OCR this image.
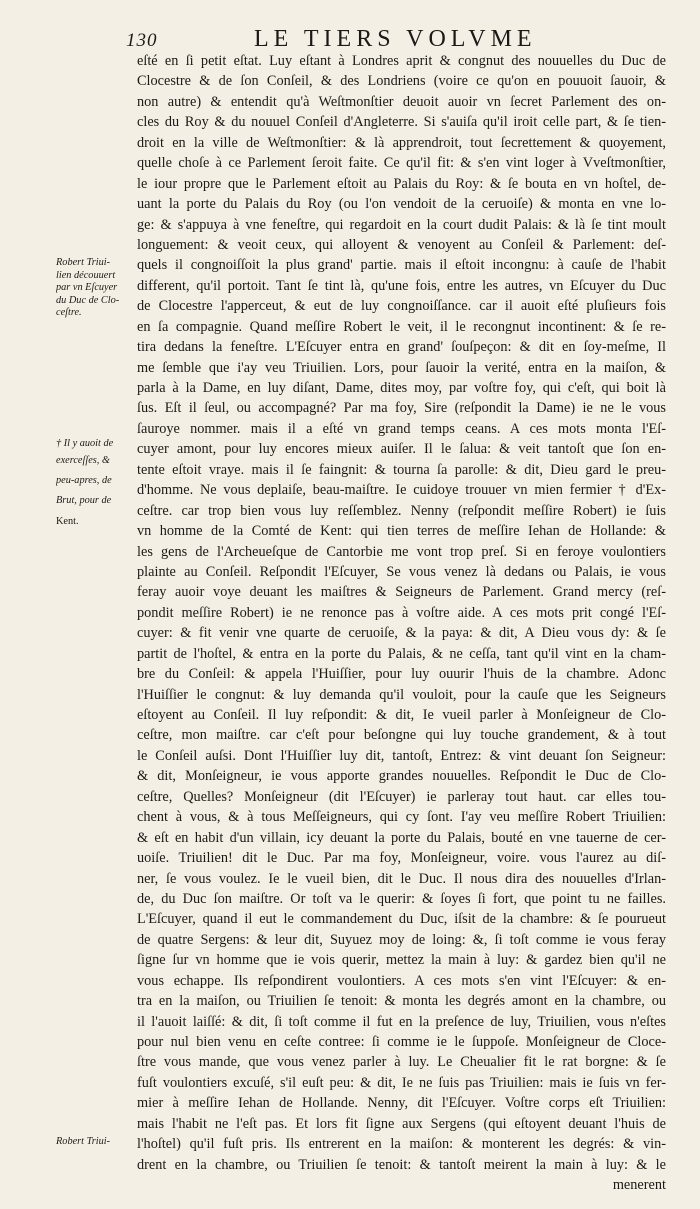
130	LE TIERS VOLVME
eſté en ſi petit eſtat. Luy eſtant à Londres aprit & congnut des nouuelles du Duc de
Clocestre & de ſon Conſeil, & des Londriens (voire ce qu'on en pouuoit ſauoir, &
non autre) & entendit qu'à Weſtmonſtier deuoit auoir vn ſecret Parlement des on-
cles du Roy & du nouuel Conſeil d'Angleterre. Si s'auiſa qu'il iroit celle part, & ſe tien-
droit en la ville de Weſtmonſtier: & là apprendroit, tout ſecrettement & quoyement,
quelle choſe à ce Parlement ſeroit faite. Ce qu'il fit: & s'en vint loger à Vveſtmonſtier,
le iour propre que le Parlement eſtoit au Palais du Roy: & ſe bouta en vn hoſtel, de-
uant la porte du Palais du Roy (ou l'on vendoit de la ceruoiſe) & monta en vne lo-
ge: & s'appuya à vne feneſtre, qui regardoit en la court dudit Palais: & là ſe tint moult
longuement: & veoit ceux, qui alloyent & venoyent au Conſeil & Parlement: deſ-
quels il congnoiſſoit la plus grand' partie. mais il eſtoit incongnu: à cauſe de l'habit
different, qu'il portoit. Tant ſe tint là, qu'une fois, entre les autres, vn Eſcuyer du Duc
de Clocestre l'apperceut, & eut de luy congnoiſſance. car il auoit eſté pluſieurs fois
en ſa compagnie. Quand meſſire Robert le veit, il le recongnut incontinent: & ſe re-
tira dedans la feneſtre. L'Eſcuyer entra en grand' ſouſpeçon: & dit en ſoy-meſme, Il
me ſemble que i'ay veu Triuilien. Lors, pour ſauoir la verité, entra en la maiſon, &
parla à la Dame, en luy diſant, Dame, dites moy, par voſtre foy, qui c'eſt, qui boit là
ſus. Eſt il ſeul, ou accompagné? Par ma foy, Sire (reſpondit la Dame) ie ne le vous
ſauroye nommer. mais il a eſté vn grand temps ceans. A ces mots monta l'Eſ-
cuyer amont, pour luy encores mieux auiſer. Il le ſalua: & veit tantoſt que ſon en-
tente eſtoit vraye. mais il ſe faingnit: & tourna ſa parolle: & dit, Dieu gard le preu-
d'homme. Ne vous deplaiſe, beau-maiſtre. Ie cuidoye trouuer vn mien fermier † d'Ex-
ceſtre. car trop bien vous luy reſſemblez. Nenny (reſpondit meſſire Robert) ie ſuis
vn homme de la Comté de Kent: qui tien terres de meſſire Iehan de Hollande: &
les gens de l'Archeueſque de Cantorbie me vont trop preſ. Si en feroye voulontiers
plainte au Conſeil. Reſpondit l'Eſcuyer, Se vous venez là dedans ou Palais, ie vous
feray auoir voye deuant les maiſtres & Seigneurs de Parlement. Grand mercy (reſ-
pondit meſſire Robert) ie ne renonce pas à voſtre aide. A ces mots prit congé l'Eſ-
cuyer: & fit venir vne quarte de ceruoiſe, & la paya: & dit, A Dieu vous dy: & ſe
partit de l'hoſtel, & entra en la porte du Palais, & ne ceſſa, tant qu'il vint en la cham-
bre du Conſeil: & appela l'Huiſſier, pour luy ouurir l'huis de la chambre. Adonc
l'Huiſſier le congnut: & luy demanda qu'il vouloit, pour la cauſe que les Seigneurs
eſtoyent au Conſeil. Il luy reſpondit: & dit, Ie vueil parler à Monſeigneur de Clo-
ceſtre, mon maiſtre. car c'eſt pour beſongne qui luy touche grandement, & à tout
le Conſeil auſsi. Dont l'Huiſſier luy dit, tantoſt, Entrez: & vint deuant ſon Seigneur:
& dit, Monſeigneur, ie vous apporte grandes nouuelles. Reſpondit le Duc de Clo-
ceſtre, Quelles? Monſeigneur (dit l'Eſcuyer) ie parleray tout haut. car elles tou-
chent à vous, & à tous Meſſeigneurs, qui cy ſont. I'ay veu meſſire Robert Triuilien:
& eſt en habit d'un villain, icy deuant la porte du Palais, bouté en vne tauerne de cer-
uoiſe. Triuilien! dit le Duc. Par ma foy, Monſeigneur, voire. vous l'aurez au diſ-
ner, ſe vous voulez. Ie le vueil bien, dit le Duc. Il nous dira des nouuelles d'Irlan-
de, du Duc ſon maiſtre. Or toſt va le querir: & ſoyes ſi fort, que point tu ne failles.
L'Eſcuyer, quand il eut le commandement du Duc, iſsit de la chambre: & ſe pourueut
de quatre Sergens: & leur dit, Suyuez moy de loing: &, ſi toſt comme ie vous feray
ſigne ſur vn homme que ie vois querir, mettez la main à luy: & gardez bien qu'il ne
vous echappe. Ils reſpondirent voulontiers. A ces mots s'en vint l'Eſcuyer: & en-
tra en la maiſon, ou Triuilien ſe tenoit: & monta les degrés amont en la chambre, ou
il l'auoit laiſſé: & dit, ſi toſt comme il fut en la preſence de luy, Triuilien, vous n'eſtes
pour nul bien venu en ceſte contree: ſi comme ie le ſuppoſe. Monſeigneur de Cloce-
ſtre vous mande, que vous venez parler à luy. Le Cheualier fit le rat borgne: & ſe
fuſt voulontiers excuſé, s'il euſt peu: & dit, Ie ne ſuis pas Triuilien: mais ie ſuis vn fer-
mier à meſſire Iehan de Hollande. Nenny, dit l'Eſcuyer. Voſtre corps eſt Triuilien:
mais l'habit ne l'eſt pas. Et lors fit ſigne aux Sergens (qui eſtoyent deuant l'huis de
l'hoſtel) qu'il fuſt pris. Ils entrerent en la maiſon: & monterent les degrés: & vin-
drent en la chambre, ou Triuilien ſe tenoit: & tantoſt meirent la main à luy: & le
menerent
Robert Triui-
lien découuert
par vn Eſcuyer
du Duc de Clo-
ceſtre.
† Il y auoit de
exerceſſes, &
peu-apres, de
Brut, pour de
Kent.
Robert Triui-
